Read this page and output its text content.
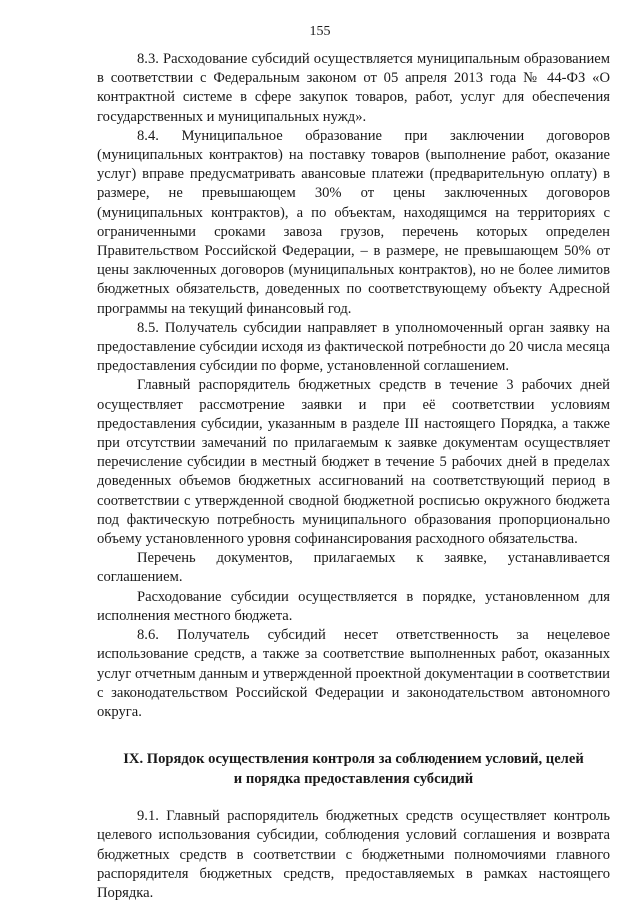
155

8.3. Расходование субсидий осуществляется муниципальным образованием в соответствии с Федеральным законом от 05 апреля 2013 года № 44-ФЗ «О контрактной системе в сфере закупок товаров, работ, услуг для обеспечения государственных и муниципальных нужд».

8.4. Муниципальное образование при заключении договоров (муниципальных контрактов) на поставку товаров (выполнение работ, оказание услуг) вправе предусматривать авансовые платежи (предварительную оплату) в размере, не превышающем 30% от цены заключенных договоров (муниципальных контрактов), а по объектам, находящимся на территориях с ограниченными сроками завоза грузов, перечень которых определен Правительством Российской Федерации, – в размере, не превышающем 50% от цены заключенных договоров (муниципальных контрактов), но не более лимитов бюджетных обязательств, доведенных по соответствующему объекту Адресной программы на текущий финансовый год.

8.5. Получатель субсидии направляет в уполномоченный орган заявку на предоставление субсидии исходя из фактической потребности до 20 числа месяца предоставления субсидии по форме, установленной соглашением.

Главный распорядитель бюджетных средств в течение 3 рабочих дней осуществляет рассмотрение заявки и при её соответствии условиям предоставления субсидии, указанным в разделе III настоящего Порядка, а также при отсутствии замечаний по прилагаемым к заявке документам осуществляет перечисление субсидии в местный бюджет в течение 5 рабочих дней в пределах доведенных объемов бюджетных ассигнований на соответствующий период в соответствии с утвержденной сводной бюджетной росписью окружного бюджета под фактическую потребность муниципального образования пропорционально объему установленного уровня софинансирования расходного обязательства.

Перечень документов, прилагаемых к заявке, устанавливается соглашением.

Расходование субсидии осуществляется в порядке, установленном для исполнения местного бюджета.

8.6. Получатель субсидий несет ответственность за нецелевое использование средств, а также за соответствие выполненных работ, оказанных услуг отчетным данным и утвержденной проектной документации в соответствии с законодательством Российской Федерации и законодательством автономного округа.

IX. Порядок осуществления контроля за соблюдением условий, целей
и порядка предоставления субсидий

9.1. Главный распорядитель бюджетных средств осуществляет контроль целевого использования субсидии, соблюдения условий соглашения и возврата бюджетных средств в соответствии с бюджетными полномочиями главного распорядителя бюджетных средств, предоставляемых в рамках настоящего Порядка.
